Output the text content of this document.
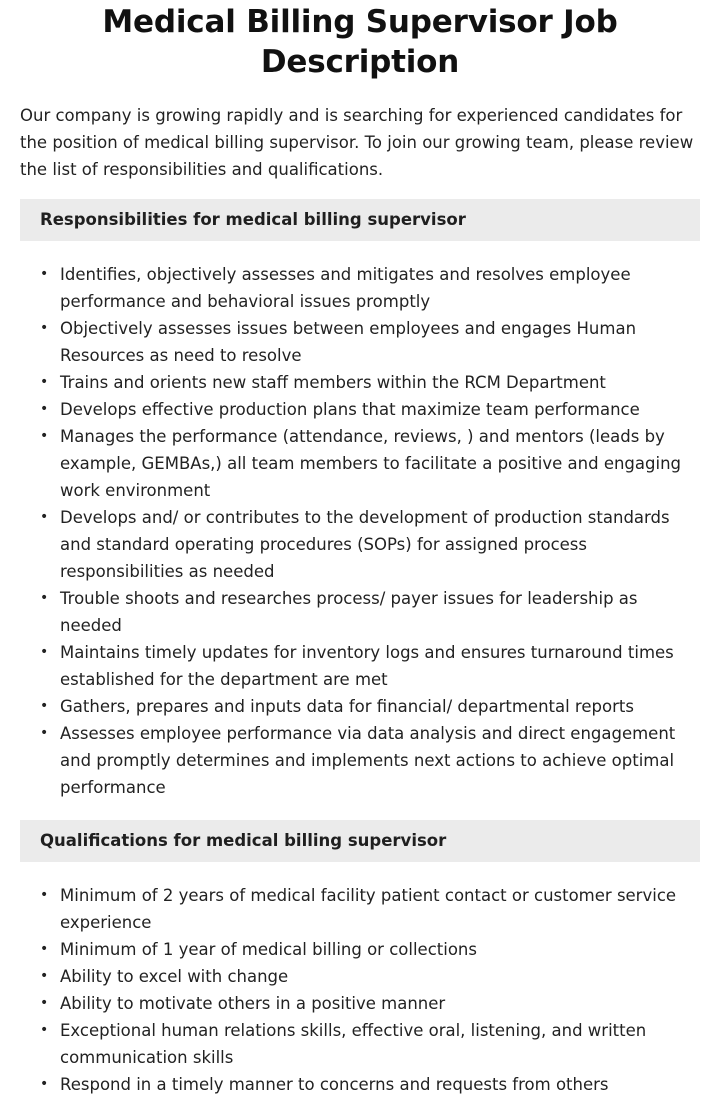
Medical Billing Supervisor Job Description

Our company is growing rapidly and is searching for experienced candidates for the position of medical billing supervisor. To join our growing team, please review the list of responsibilities and qualifications.

Responsibilities for medical billing supervisor
• Identifies, objectively assesses and mitigates and resolves employee performance and behavioral issues promptly
• Objectively assesses issues between employees and engages Human Resources as need to resolve
• Trains and orients new staff members within the RCM Department
• Develops effective production plans that maximize team performance
• Manages the performance (attendance, reviews, ) and mentors (leads by example, GEMBAs,) all team members to facilitate a positive and engaging work environment
• Develops and/ or contributes to the development of production standards and standard operating procedures (SOPs) for assigned process responsibilities as needed
• Trouble shoots and researches process/ payer issues for leadership as needed
• Maintains timely updates for inventory logs and ensures turnaround times established for the department are met
• Gathers, prepares and inputs data for financial/ departmental reports
• Assesses employee performance via data analysis and direct engagement and promptly determines and implements next actions to achieve optimal performance
Qualifications for medical billing supervisor
• Minimum of 2 years of medical facility patient contact or customer service experience
• Minimum of 1 year of medical billing or collections
• Ability to excel with change
• Ability to motivate others in a positive manner
• Exceptional human relations skills, effective oral, listening, and written communication skills
• Respond in a timely manner to concerns and requests from others
